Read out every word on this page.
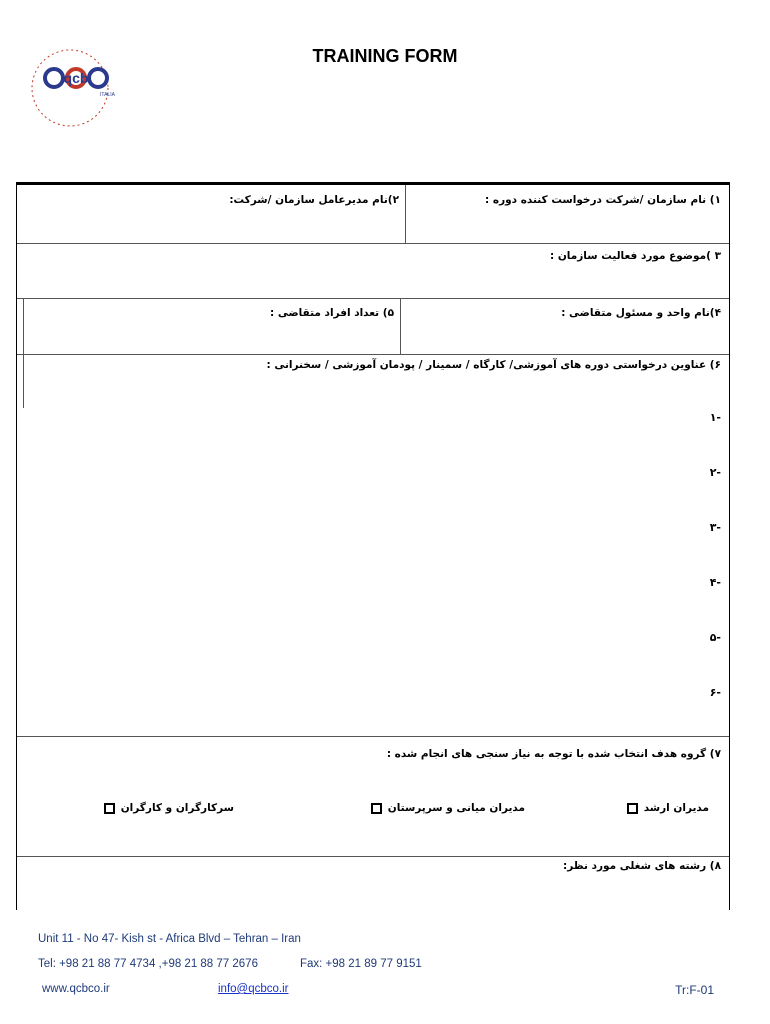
qcb
ITALIA
TRAINING FORM
۱) نام سازمان /شرکت درخواست کننده دوره :
۲)نام مدیرعامل سازمان /شرکت:
۳ )موضوع مورد فعالیت سازمان :
۴)نام واحد و مسئول متقاضی :
۵) تعداد افراد متقاضی :
۶) عناوین درخواستی دوره های آموزشی/ کارگاه / سمینار / پودمان آموزشی / سخنرانی :
-۱
-۲
-۳
-۴
-۵
-۶
۷) گروه هدف انتخاب شده با توجه به نیاز سنجی های انجام شده :
مدیران ارشد
مدیران میانی و سرپرستان
سرکارگران و کارگران
۸) رشته های شغلی مورد نظر:
Unit 11 - No 47- Kish st - Africa Blvd – Tehran – Iran
Tel: +98 21 88 77 4734 ,+98 21 88 77 2676	Fax: +98 21 89 77 9151
www.qcbco.ir	info@qcbco.ir	Tr:F-01
